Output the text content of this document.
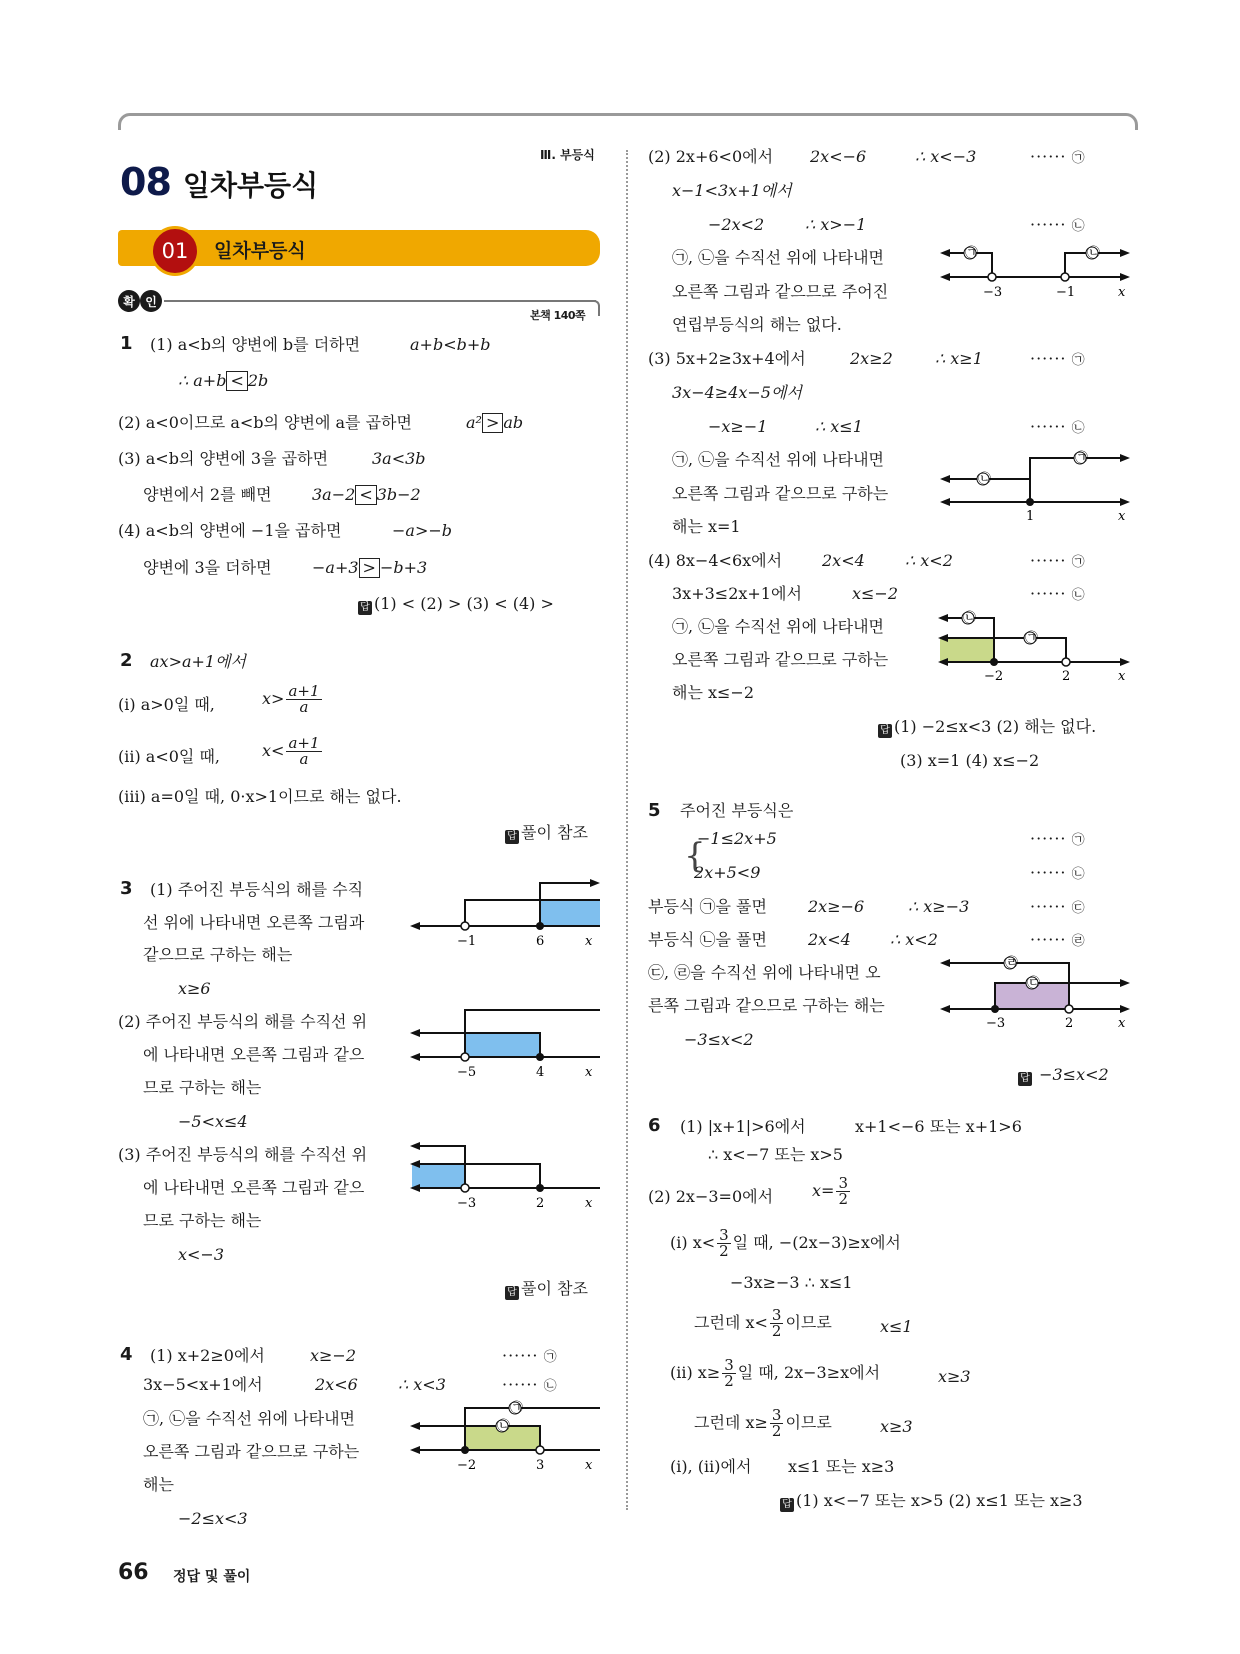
08 일차부등식
Ⅲ. 부등식
01	일차부등식
확 인
본책 140쪽
1 (1) a<b의 양변에 b를 더하면	a+b<b+b
∴ a+b < 2b
(2) a<0이므로 a<b의 양변에 a를 곱하면	a² > ab
(3) a<b의 양변에 3을 곱하면	3a<3b
양변에서 2를 빼면	3a−2 < 3b−2
(4) a<b의 양변에 −1을 곱하면	−a>−b
양변에 3을 더하면	−a+3 > −b+3
답 (1) < (2) > (3) < (4) >
2 ax>a+1에서
(ⅰ) a>0일 때,	$x> \frac{a+1}{a}$
(ⅱ) a<0일 때,	$x< \frac{a+1}{a}$
(ⅲ) a=0일 때, 0·x>1이므로 해는 없다.
답 풀이 참조
3 (1) 주어진 부등식의 해를 수직
선 위에 나타내면 오른쪽 그림과
같으므로 구하는 해는
x≥6
(2) 주어진 부등식의 해를 수직선 위
에 나타내면 오른쪽 그림과 같으
므로 구하는 해는
−5<x≤4
(3) 주어진 부등식의 해를 수직선 위
에 나타내면 오른쪽 그림과 같으
므로 구하는 해는
x<−3
답 풀이 참조
−1	6	x
−5	4	x
−3	2	x
4 (1) x+2≥0에서	x≥−2	······ ㉠
3x−5<x+1에서	2x<6	∴ x<3	······ ㉡
㉠, ㉡을 수직선 위에 나타내면
오른쪽 그림과 같으므로 구하는
해는
−2≤x<3
㉠
㉡
−2	3	x
(2) 2x+6<0에서 2x<−6	∴ x<−3	······ ㉠
x−1<3x+1에서
−2x<2	∴ x>−1	······ ㉡
㉠, ㉡을 수직선 위에 나타내면
오른쪽 그림과 같으므로 주어진
연립부등식의 해는 없다.
㉠	㉡
−3	−1	x
(3) 5x+2≥3x+4에서	2x≥2	∴ x≥1	······ ㉠
3x−4≥4x−5에서
−x≥−1	∴ x≤1	······ ㉡
㉠, ㉡을 수직선 위에 나타내면
오른쪽 그림과 같으므로 구하는
해는 x=1
㉡
㉠
1	x
(4) 8x−4<6x에서 2x<4	∴ x<2	······ ㉠
3x+3≤2x+1에서	x≤−2	······ ㉡
㉠, ㉡을 수직선 위에 나타내면
오른쪽 그림과 같으므로 구하는
해는 x≤−2
㉡
㉠
−2	2	x
답 (1) −2≤x<3 (2) 해는 없다.
(3) x=1 (4) x≤−2
5 주어진 부등식은
{
−1≤2x+5	······ ㉠
2x+5<9	······ ㉡
부등식 ㉠을 풀면	2x≥−6	∴ x≥−3	······ ㉢
부등식 ㉡을 풀면	2x<4 ∴ x<2	······ ㉣
㉢, ㉣을 수직선 위에 나타내면 오
른쪽 그림과 같으므로 구하는 해는
−3≤x<2
㉣
㉢
−3	2	x
답 −3≤x<2
6 (1) |x+1|>6에서	x+1<−6 또는 x+1>6
∴ x<−7 또는 x>5
(2) 2x−3=0에서 $x= \frac{3}{2}$
(ⅰ) $x< \frac{3}{2}$ 일 때, −(2x−3)≥x에서
−3x≥−3 ∴ x≤1
그런데 $x< \frac{3}{2}$ 이므로	x≤1
(ⅱ) $x\ge \frac{3}{2}$ 일 때, 2x−3≥x에서	x≥3
그런데 $x\ge \frac{3}{2}$ 이므로	x≥3
(ⅰ), (ⅱ)에서 x≤1 또는 x≥3
답 (1) x<−7 또는 x>5 (2) x≤1 또는 x≥3
66 정답 및 풀이
